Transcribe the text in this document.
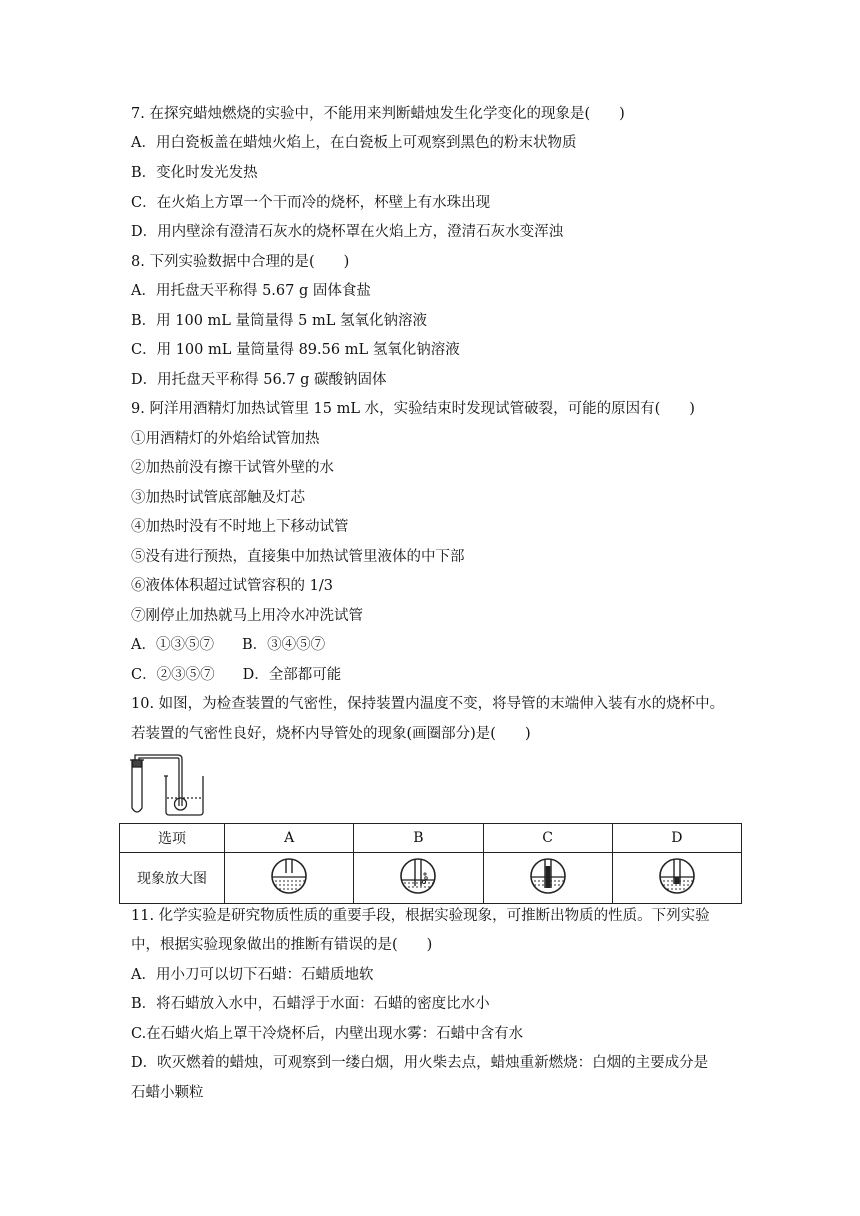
7. 在探究蜡烛燃烧的实验中，不能用来判断蜡烛发生化学变化的现象是(　　)
A．用白瓷板盖在蜡烛火焰上，在白瓷板上可观察到黑色的粉末状物质
B．变化时发光发热
C．在火焰上方罩一个干而冷的烧杯，杯壁上有水珠出现
D．用内壁涂有澄清石灰水的烧杯罩在火焰上方，澄清石灰水变浑浊
8. 下列实验数据中合理的是(　　)
A．用托盘天平称得 5.67 g 固体食盐
B．用 100 mL 量筒量得 5 mL 氢氧化钠溶液
C．用 100 mL 量筒量得 89.56 mL 氢氧化钠溶液
D．用托盘天平称得 56.7 g 碳酸钠固体
9. 阿洋用酒精灯加热试管里 15 mL 水，实验结束时发现试管破裂，可能的原因有(　　)
①用酒精灯的外焰给试管加热
②加热前没有擦干试管外壁的水
③加热时试管底部触及灯芯
④加热时没有不时地上下移动试管
⑤没有进行预热，直接集中加热试管里液体的中下部
⑥液体体积超过试管容积的 1/3
⑦刚停止加热就马上用冷水冲洗试管
A．①③⑤⑦ B．③④⑤⑦
C．②③⑤⑦ D．全部都可能
10. 如图，为检查装置的气密性，保持装置内温度不变，将导管的末端伸入装有水的烧杯中。
若装置的气密性良好，烧杯内导管处的现象(画圈部分)是(　　)
选项	A	B	C	D
现象放大图				
11. 化学实验是研究物质性质的重要手段，根据实验现象，可推断出物质的性质。下列实验
中，根据实验现象做出的推断有错误的是(　　)
A．用小刀可以切下石蜡：石蜡质地软
B．将石蜡放入水中，石蜡浮于水面：石蜡的密度比水小
C.在石蜡火焰上罩干冷烧杯后，内壁出现水雾：石蜡中含有水
D．吹灭燃着的蜡烛，可观察到一缕白烟，用火柴去点，蜡烛重新燃烧：白烟的主要成分是
石蜡小颗粒
